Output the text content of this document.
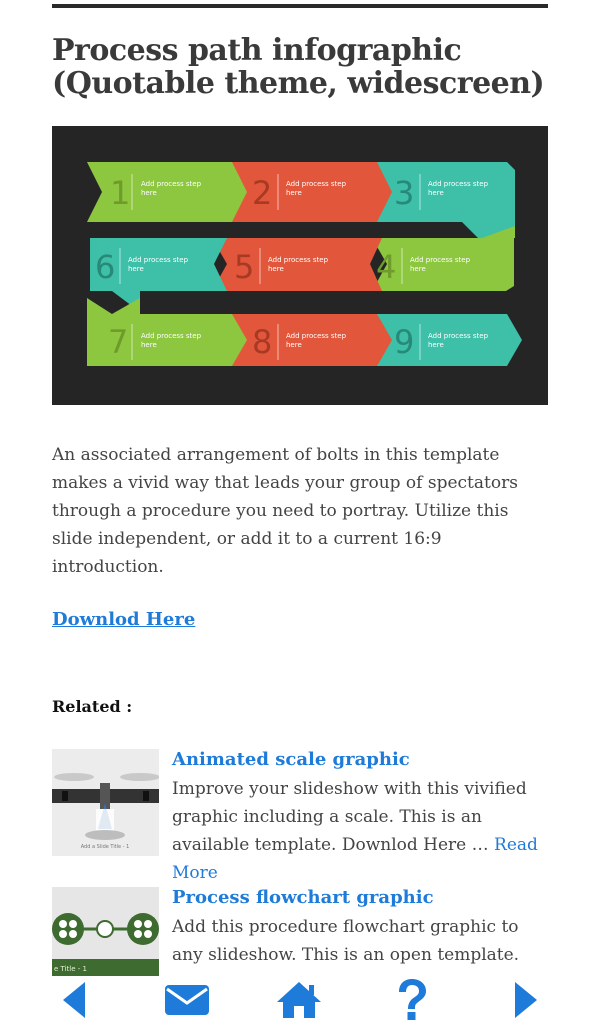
Process path infographic (Quotable theme, widescreen)
1 Add process step
here	2 Add process step
here	3 Add process step
here
4 Add process step
here
5 Add process step
here
6 Add process step
here
7 Add process step
here	8 Add process step
here	9 Add process step
here

An associated arrangement of bolts in this template makes a vivid way that leads your group of spectators through a procedure you need to portray. Utilize this slide independent, or add it to a current 16:9 introduction.

Downlod Here
Related :
Add a Slide Title - 1
Animated scale graphic
Improve your slideshow with this vivified graphic including a scale. This is an available template. Downlod Here … Read More
e Title - 1
Process flowchart graphic
Add this procedure flowchart graphic to any slideshow. This is an open template.
